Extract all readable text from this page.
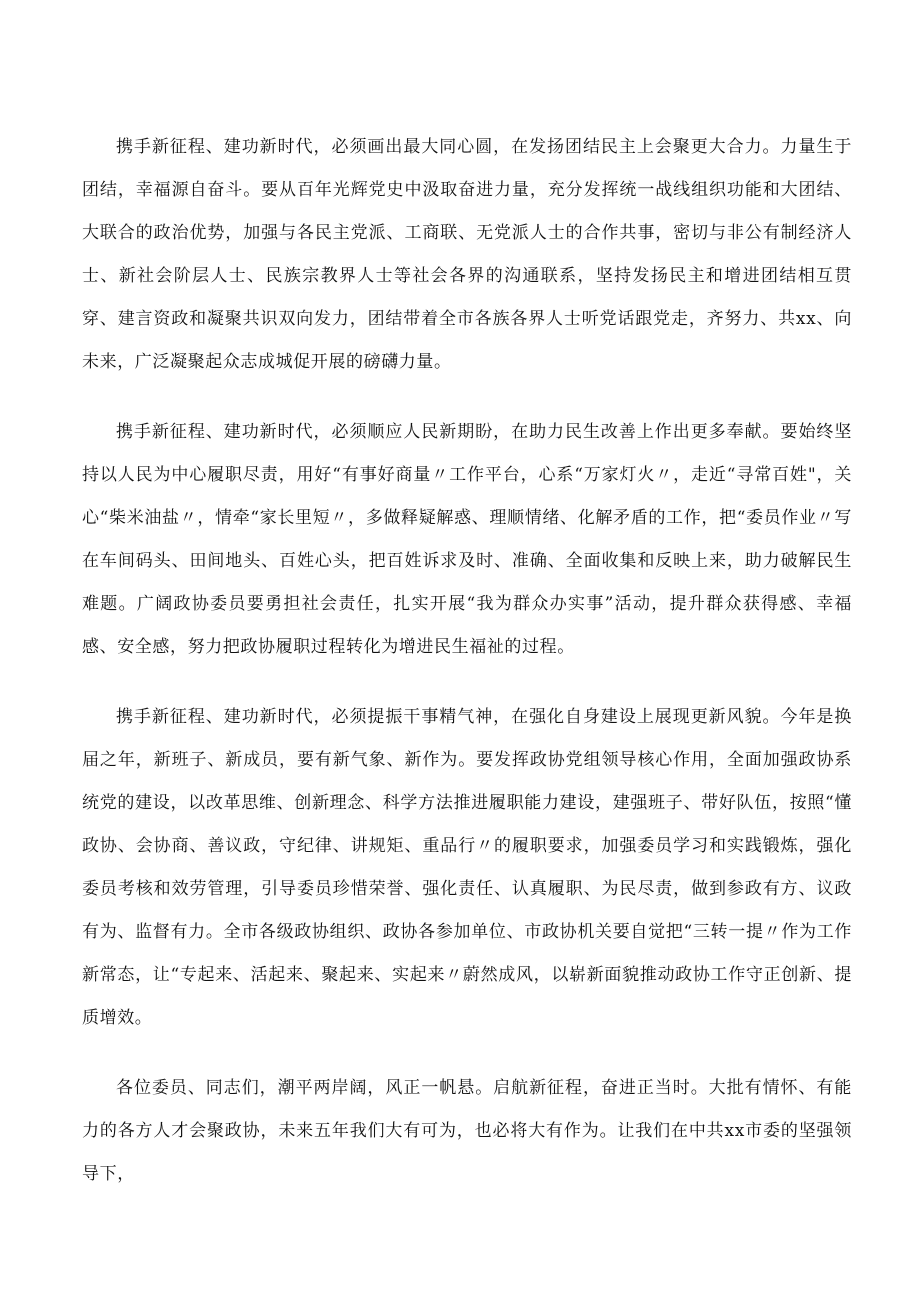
携手新征程、建功新时代，必须画出最大同心圆，在发扬团结民主上会聚更大合力。力量生于团结，幸福源自奋斗。要从百年光辉党史中汲取奋进力量，充分发挥统一战线组织功能和大团结、大联合的政治优势，加强与各民主党派、工商联、无党派人士的合作共事，密切与非公有制经济人士、新社会阶层人士、民族宗教界人士等社会各界的沟通联系，坚持发扬民主和增进团结相互贯穿、建言资政和凝聚共识双向发力，团结带着全市各族各界人士听党话跟党走，齐努力、共xx、向未来，广泛凝聚起众志成城促开展的磅礴力量。

携手新征程、建功新时代，必须顺应人民新期盼，在助力民生改善上作出更多奉献。要始终坚持以人民为中心履职尽责，用好“有事好商量〃工作平台，心系“万家灯火〃，走近“寻常百姓"，关心“柴米油盐〃，情牵“家长里短〃，多做释疑解惑、理顺情绪、化解矛盾的工作，把“委员作业〃写在车间码头、田间地头、百姓心头，把百姓诉求及时、准确、全面收集和反映上来，助力破解民生难题。广阔政协委员要勇担社会责任，扎实开展“我为群众办实事”活动，提升群众获得感、幸福感、安全感，努力把政协履职过程转化为增进民生福祉的过程。

携手新征程、建功新时代，必须提振干事精气神，在强化自身建设上展现更新风貌。今年是换届之年，新班子、新成员，要有新气象、新作为。要发挥政协党组领导核心作用，全面加强政协系统党的建设，以改革思维、创新理念、科学方法推进履职能力建设，建强班子、带好队伍，按照“懂政协、会协商、善议政，守纪律、讲规矩、重品行〃的履职要求，加强委员学习和实践锻炼，强化委员考核和效劳管理，引导委员珍惜荣誉、强化责任、认真履职、为民尽责，做到参政有方、议政有为、监督有力。全市各级政协组织、政协各参加单位、市政协机关要自觉把“三转一提〃作为工作新常态，让“专起来、活起来、聚起来、实起来〃蔚然成风，以崭新面貌推动政协工作守正创新、提质增效。

各位委员、同志们，潮平两岸阔，风正一帆悬。启航新征程，奋进正当时。大批有情怀、有能力的各方人才会聚政协，未来五年我们大有可为，也必将大有作为。让我们在中共xx市委的坚强领导下，
